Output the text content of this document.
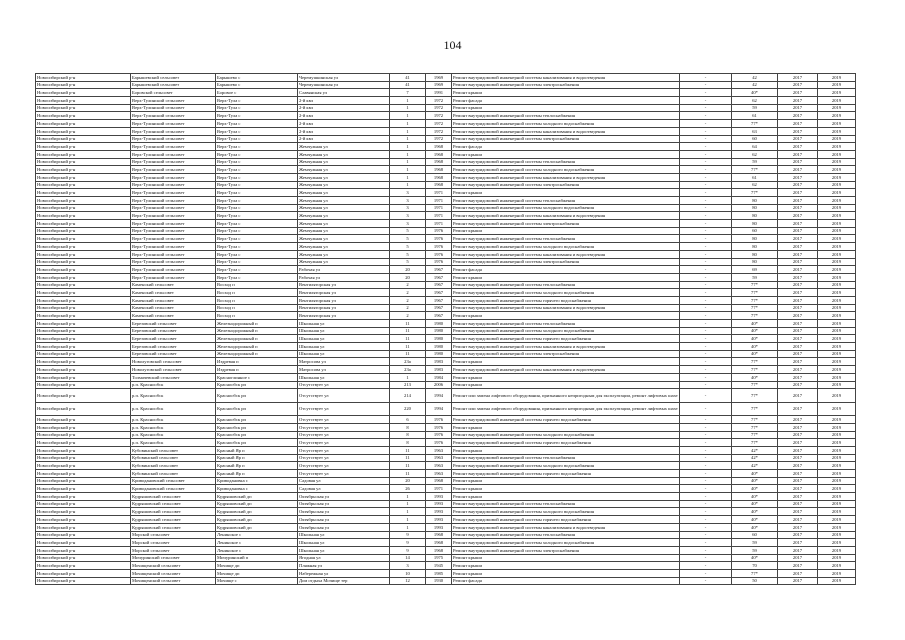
104
Новосибирский р-н	Барышевский сельсовет	Барышево с	Черемушкинская ул	41	1969	Ремонт внутридомовой инженерной системы канализования и водоотведения	-	42	2017	2019
Новосибирский р-н	Барышевский сельсовет	Барышево с	Черемушкинская ул	41	1969	Ремонт внутридомовой инженерной системы электроснабжения	-	42	2017	2019
Новосибирский р-н	Боровской сельсовет	Боровое с	Славянская ул	7	1991	Ремонт крыши	-	40*	2017	2019
Новосибирский р-н	Верх-Тулинский сельсовет	Верх-Тула с	2-й квл	1	1972	Ремонт фасада	-	62	2017	2019
Новосибирский р-н	Верх-Тулинский сельсовет	Верх-Тула с	2-й квл	1	1972	Ремонт крыши	-	59	2017	2019
Новосибирский р-н	Верх-Тулинский сельсовет	Верх-Тула с	2-й квл	1	1972	Ремонт внутридомовой инженерной системы теплоснабжения	-	61	2017	2019
Новосибирский р-н	Верх-Тулинский сельсовет	Верх-Тула с	2-й квл	1	1972	Ремонт внутридомовой инженерной системы холодного водоснабжения	-	77*	2017	2019
Новосибирский р-н	Верх-Тулинский сельсовет	Верх-Тула с	2-й квл	1	1972	Ремонт внутридомовой инженерной системы канализования и водоотведения	-	63	2017	2019
Новосибирский р-н	Верх-Тулинский сельсовет	Верх-Тула с	2-й квл	1	1972	Ремонт внутридомовой инженерной системы электроснабжения	-	60	2017	2019
Новосибирский р-н	Верх-Тулинский сельсовет	Верх-Тула с	Жемчужная ул	1	1968	Ремонт фасада	-	64	2017	2019
Новосибирский р-н	Верх-Тулинский сельсовет	Верх-Тула с	Жемчужная ул	1	1968	Ремонт крыши	-	62	2017	2019
Новосибирский р-н	Верх-Тулинский сельсовет	Верх-Тула с	Жемчужная ул	1	1968	Ремонт внутридомовой инженерной системы теплоснабжения	-	59	2017	2019
Новосибирский р-н	Верх-Тулинский сельсовет	Верх-Тула с	Жемчужная ул	1	1968	Ремонт внутридомовой инженерной системы холодного водоснабжения	-	77*	2017	2019
Новосибирский р-н	Верх-Тулинский сельсовет	Верх-Тула с	Жемчужная ул	1	1968	Ремонт внутридомовой инженерной системы канализования и водоотведения	-	61	2017	2019
Новосибирский р-н	Верх-Тулинский сельсовет	Верх-Тула с	Жемчужная ул	1	1968	Ремонт внутридомовой инженерной системы электроснабжения	-	62	2017	2019
Новосибирский р-н	Верх-Тулинский сельсовет	Верх-Тула с	Жемчужная ул	3	1971	Ремонт крыши	-	77*	2017	2019
Новосибирский р-н	Верх-Тулинский сельсовет	Верх-Тула с	Жемчужная ул	3	1971	Ремонт внутридомовой инженерной системы теплоснабжения	-	80	2017	2019
Новосибирский р-н	Верх-Тулинский сельсовет	Верх-Тула с	Жемчужная ул	3	1971	Ремонт внутридомовой инженерной системы холодного водоснабжения	-	80	2017	2019
Новосибирский р-н	Верх-Тулинский сельсовет	Верх-Тула с	Жемчужная ул	3	1971	Ремонт внутридомовой инженерной системы канализования и водоотведения	-	80	2017	2019
Новосибирский р-н	Верх-Тулинский сельсовет	Верх-Тула с	Жемчужная ул	3	1971	Ремонт внутридомовой инженерной системы электроснабжения	-	80	2017	2019
Новосибирский р-н	Верх-Тулинский сельсовет	Верх-Тула с	Жемчужная ул	5	1976	Ремонт крыши	-	60	2017	2019
Новосибирский р-н	Верх-Тулинский сельсовет	Верх-Тула с	Жемчужная ул	5	1976	Ремонт внутридомовой инженерной системы теплоснабжения	-	80	2017	2019
Новосибирский р-н	Верх-Тулинский сельсовет	Верх-Тула с	Жемчужная ул	5	1976	Ремонт внутридомовой инженерной системы холодного водоснабжения	-	80	2017	2019
Новосибирский р-н	Верх-Тулинский сельсовет	Верх-Тула с	Жемчужная ул	5	1976	Ремонт внутридомовой инженерной системы канализования и водоотведения	-	80	2017	2019
Новосибирский р-н	Верх-Тулинский сельсовет	Верх-Тула с	Жемчужная ул	5	1976	Ремонт внутридомовой инженерной системы электроснабжения	-	80	2017	2019
Новосибирский р-н	Верх-Тулинский сельсовет	Верх-Тула с	Рабочая ул	20	1967	Ремонт фасада	-	69	2017	2019
Новосибирский р-н	Верх-Тулинский сельсовет	Верх-Тула с	Рабочая ул	20	1967	Ремонт крыши	-	59	2017	2019
Новосибирский р-н	Каменский сельсовет	Восход п	Вентиляторская ул	2	1967	Ремонт внутридомовой инженерной системы теплоснабжения	-	77*	2017	2019
Новосибирский р-н	Каменский сельсовет	Восход п	Вентиляторская ул	2	1967	Ремонт внутридомовой инженерной системы холодного водоснабжения	-	77*	2017	2019
Новосибирский р-н	Каменский сельсовет	Восход п	Вентиляторская ул	2	1967	Ремонт внутридомовой инженерной системы горячего водоснабжения	-	77*	2017	2019
Новосибирский р-н	Каменский сельсовет	Восход п	Вентиляторская ул	2	1967	Ремонт внутридомовой инженерной системы канализования и водоотведения	-	77*	2017	2019
Новосибирский р-н	Каменский сельсовет	Восход п	Вентиляторская ул	2	1967	Ремонт крыши	-	77*	2017	2019
Новосибирский р-н	Березовский сельсовет	Железнодорожный п	Школьная ул	11	1980	Ремонт внутридомовой инженерной системы теплоснабжения	-	40*	2017	2019
Новосибирский р-н	Березовский сельсовет	Железнодорожный п	Школьная ул	11	1980	Ремонт внутридомовой инженерной системы холодного водоснабжения	-	40*	2017	2019
Новосибирский р-н	Березовский сельсовет	Железнодорожный п	Школьная ул	11	1980	Ремонт внутридомовой инженерной системы горячего водоснабжения	-	40*	2017	2019
Новосибирский р-н	Березовский сельсовет	Железнодорожный п	Школьная ул	11	1980	Ремонт внутридомовой инженерной системы канализования и водоотведения	-	40*	2017	2019
Новосибирский р-н	Березовский сельсовет	Железнодорожный п	Школьная ул	11	1980	Ремонт внутридомовой инженерной системы электроснабжения	-	40*	2017	2019
Новосибирский р-н	Новолуговской сельсовет	Издревая п	Матросова ул	23а	1983	Ремонт крыши	-	77*	2017	2019
Новосибирский р-н	Новолуговской сельсовет	Издревая п	Матросова ул	23а	1983	Ремонт внутридомовой инженерной системы канализования и водоотведения	-	77*	2017	2019
Новосибирский р-н	Толмачевский сельсовет	Красноглинное с	Школьная ул	1	1984	Ремонт крыши	-	40*	2017	2019
Новосибирский р-н	р.п. Краснообск	Краснообск рп	Отсутствует ул	213	2006	Ремонт крыши	-	77*	2017	2019
Новосибирский р-н	р.п. Краснообск	Краснообск рп	Отсутствует ул	214	1994	Ремонт или замена лифтового оборудования, признанного непригодным для эксплуатации, ремонт лифтовых шахт	-	77*	2017	2019
Новосибирский р-н	р.п. Краснообск	Краснообск рп	Отсутствует ул	220	1994	Ремонт или замена лифтового оборудования, признанного непригодным для эксплуатации, ремонт лифтовых шахт	-	77*	2017	2019
Новосибирский р-н	р.п. Краснообск	Краснообск рп	Отсутствует ул	6	1976	Ремонт внутридомовой инженерной системы горячего водоснабжения	-	77*	2017	2019
Новосибирский р-н	р.п. Краснообск	Краснообск рп	Отсутствует ул	8	1976	Ремонт крыши	-	77*	2017	2019
Новосибирский р-н	р.п. Краснообск	Краснообск рп	Отсутствует ул	8	1976	Ремонт внутридомовой инженерной системы холодного водоснабжения	-	77*	2017	2019
Новосибирский р-н	р.п. Краснообск	Краснообск рп	Отсутствует ул	8	1976	Ремонт внутридомовой инженерной системы горячего водоснабжения	-	77*	2017	2019
Новосибирский р-н	Кубовинский сельсовет	Красный Яр п	Отсутствует ул	11	1963	Ремонт крыши	-	42*	2017	2019
Новосибирский р-н	Кубовинский сельсовет	Красный Яр п	Отсутствует ул	11	1963	Ремонт внутридомовой инженерной системы теплоснабжения	-	42*	2017	2019
Новосибирский р-н	Кубовинский сельсовет	Красный Яр п	Отсутствует ул	11	1963	Ремонт внутридомовой инженерной системы холодного водоснабжения	-	42*	2017	2019
Новосибирский р-н	Кубовинский сельсовет	Красный Яр п	Отсутствует ул	11	1963	Ремонт внутридомовой инженерной системы горячего водоснабжения	-	40*	2017	2019
Новосибирский р-н	Криводановский сельсовет	Криводановка с	Садовая ул	20	1968	Ремонт крыши	-	40*	2017	2019
Новосибирский р-н	Криводановский сельсовет	Криводановка с	Садовая ул	26	1971	Ремонт крыши	-	40*	2017	2019
Новосибирский р-н	Кудряшовский сельсовет	Кудряшовский дп	Октябрьская ул	1	1993	Ремонт крыши	-	40*	2017	2019
Новосибирский р-н	Кудряшовский сельсовет	Кудряшовский дп	Октябрьская ул	1	1993	Ремонт внутридомовой инженерной системы теплоснабжения	-	40*	2017	2019
Новосибирский р-н	Кудряшовский сельсовет	Кудряшовский дп	Октябрьская ул	1	1993	Ремонт внутридомовой инженерной системы холодного водоснабжения	-	40*	2017	2019
Новосибирский р-н	Кудряшовский сельсовет	Кудряшовский дп	Октябрьская ул	1	1993	Ремонт внутридомовой инженерной системы горячего водоснабжения	-	40*	2017	2019
Новосибирский р-н	Кудряшовский сельсовет	Кудряшовский дп	Октябрьская ул	1	1993	Ремонт внутридомовой инженерной системы канализования и водоотведения	-	40*	2017	2019
Новосибирский р-н	Морской сельсовет	Ленинское с	Школьная ул	9	1968	Ремонт внутридомовой инженерной системы теплоснабжения	-	60	2017	2019
Новосибирский р-н	Морской сельсовет	Ленинское с	Школьная ул	9	1968	Ремонт внутридомовой инженерной системы холодного водоснабжения	-	59	2017	2019
Новосибирский р-н	Морской сельсовет	Ленинское с	Школьная ул	9	1968	Ремонт внутридомовой инженерной системы электроснабжения	-	59	2017	2019
Новосибирский р-н	Мичуринский сельсовет	Мичуринский п	Ягодная ул	14	1975	Ремонт крыши	-	40*	2017	2019
Новосибирский р-н	Мочищенский сельсовет	Мочище дп	Пляжная ул	3	1945	Ремонт крыши	-	70	2017	2019
Новосибирский р-н	Мочищенский сельсовет	Мочище дп	Набережная ул	10	1985	Ремонт крыши	-	77*	2017	2019
Новосибирский р-н	Мочищенский сельсовет	Мочище с	Дом отдыха Мочище тер	12	1930	Ремонт фасада	-	50	2017	2019
